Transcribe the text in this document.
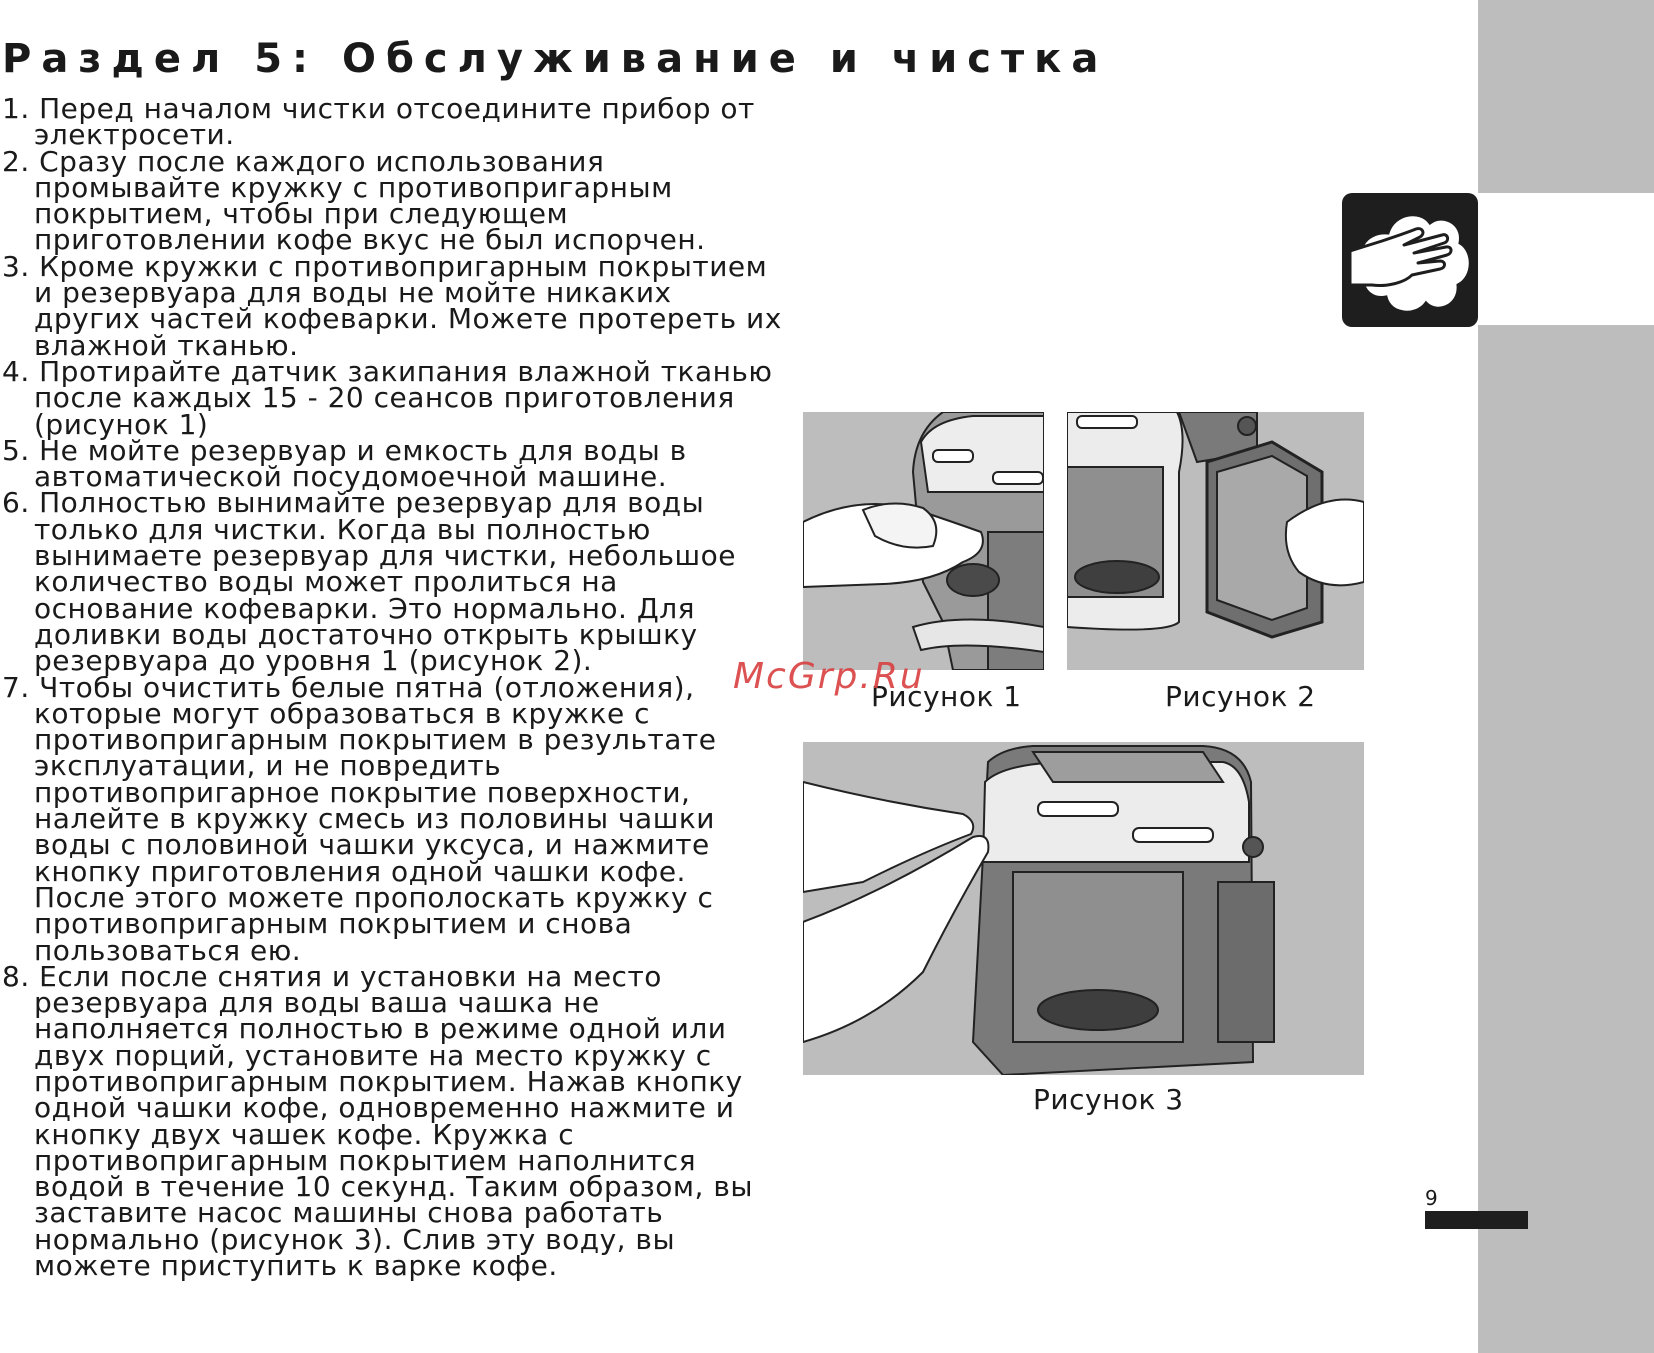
Раздел 5: Обслуживание и чистка
1. Перед началом чистки отсоедините прибор от электросети.
2. Сразу после каждого использования промывайте кружку с противопригарным покрытием, чтобы при следующем приготовлении кофе вкус не был испорчен.
3. Кроме кружки с противопригарным покрытием и резервуара для воды не мойте никаких других частей кофеварки. Можете протереть их влажной тканью.
4. Протирайте датчик закипания влажной тканью после каждых 15 - 20 сеансов приготовления (рисунок 1)
5. Не мойте резервуар и емкость для воды в автоматической посудомоечной машине.
6. Полностью вынимайте резервуар для воды только для чистки. Когда вы полностью вынимаете резервуар для чистки, небольшое количество воды может пролиться на основание кофеварки. Это нормально. Для доливки воды достаточно открыть крышку резервуара до уровня 1 (рисунок 2).
7. Чтобы очистить белые пятна (отложения), которые могут образоваться в кружке с противопригарным покрытием в результате эксплуатации, и не повредить противопригарное покрытие поверхности, налейте в кружку смесь из половины чашки воды с половиной чашки уксуса, и нажмите кнопку приготовления одной чашки кофе. После этого можете прополоскать кружку с противопригарным покрытием и снова пользоваться ею.
8. Если после снятия и установки на место резервуара для воды ваша чашка не наполняется полностью в режиме одной или двух порций, установите на место кружку с противопригарным покрытием. Нажав кнопку одной чашки кофе, одновременно нажмите и кнопку двух чашек кофе. Кружка с противопригарным покрытием наполнится водой в течение 10 секунд. Таким образом, вы заставите насос машины снова работать нормально (рисунок 3). Слив эту воду, вы можете приступить к варке кофе.
Рисунок 1	Рисунок 2
Рисунок 3
McGrp.Ru
9
